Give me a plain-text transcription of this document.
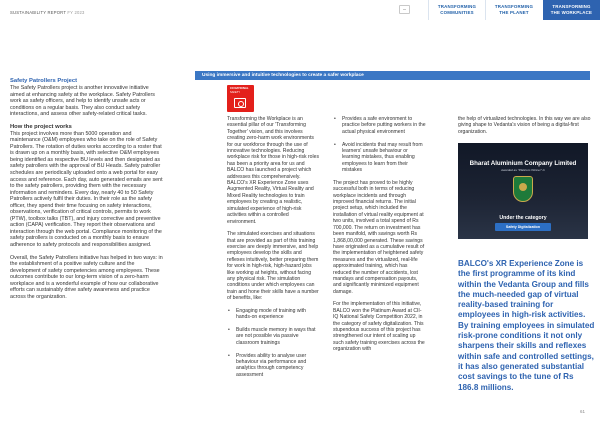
SUSTAINABILITY REPORT FY 2023
TRANSFORMING
COMMUNITIES
TRANSFORMING
THE PLANET
TRANSFORMING
THE WORKPLACE
Safety Patrollers Project

The Safety Patrollers project is another innovative initiative aimed at enhancing safety at the workplace. Safety Patrollers work as safety officers, and help to identify unsafe acts or conditions on a regular basis. They also conduct safety interactions, and assess other safety-related critical tasks.

How the project works

This project involves more than 5000 operation and maintenance (O&M) employees who take on the role of Safety Patrollers. The rotation of duties works according to a roster that is drawn up on a monthly basis, with selective O&M employees being identified as respective BU levels and then designated as safety patrollers with the approval of BU Heads. Safety patroller schedules are periodically uploaded onto a web portal for easy access and reference. Each day, auto generated emails are sent to the safety patrollers, providing them with the necessary information and reminders. Every day, nearly 40 to 50 Safety Patrollers actively fulfil their duties. In their role as the safety officer, they spend their time focusing on safety interactions, observations, verification of critical controls, permits to work (PTW), toolbox talks (TBT), and injury corrective and preventive action (CAPA) verification. They report their observations and interaction through the web portal. Compliance monitoring of the safety patrollers is conducted on a monthly basis to ensure adherence to safety protocols and responsibilities assigned.

Overall, the Safety Patrollers initiative has helped in two ways: in the establishment of a positive safety culture and the development of safety competencies among employees. These outcomes contribute to our long-term vision of a zero-harm workplace and is a wonderful example of how our collaborative efforts can sustainably drive safety awareness and practice across the organization.

Using immersive and intuitive technologies to create a safer workplace
CII NATIONAL
SAFETY

Transforming the Workplace is an essential pillar of our 'Transforming Together' vision, and this involves creating zero-harm work environments for our workforce through the use of innovative technologies. Reducing workplace risk for those in high-risk roles has been a priority area for us and BALCO has launched a project which addresses this comprehensively. BALCO's XR Experience Zone uses Augmented Reality, Virtual Reality and Mixed Reality technologies to train employees by creating a realistic, simulated experience of high-risk activities within a controlled environment.

The simulated exercises and situations that are provided as part of this training exercise are deeply immersive, and help employees develop the skills and reflexes intuitively, better preparing them for work in high-risk, high-hazard jobs like working at heights, without facing any physical risk. The simulation conditions under which employees can train and hone their skills have a number of benefits, like:

• Engaging mode of training with hands-on experience
• Builds muscle memory in ways that are not possible via passive classroom trainings
• Provides ability to analyse user behaviour via performance and analytics through competency assessment
• Provides a safe environment to practice before putting workers in the actual physical environment
• Avoid incidents that may result from learners' unsafe behaviour or learning mistakes, thus enabling employees to learn from their mistakes

The project has proved to be highly successful both in terms of reducing workplace incidents and through improved financial returns. The initial project setup, which included the installation of virtual reality equipment at two units, involved a total spend of Rs 700,000. The return on investment has been manifold, with savings worth Rs 1,868,00,000 generated. These savings have originated as a cumulative result of the implementation of heightened safety measures and the virtualized, real-life approximated training, which has reduced the number of accidents, lost mandays and compensation payouts, and significantly minimized equipment damage.

For the implementation of this initiative, BALCO won the Platinum Award at CII-IQ National Safety Competition 2022, in the category of safety digitalization. This stupendous success of this project has strengthened our intent of scaling up such safety training exercises across the organization with

the help of virtualized technologies. In this way we are also giving shape to Vedanta's vision of being a digital-first organization.
Bharat Aluminium Company Limited
Awarded as "Platinum Winner" in
Under the category
Safety Digitalization
BALCO's XR Experience Zone is the first programme of its kind within the Vedanta Group and fills the much-needed gap of virtual reality-based training for employees in high-risk activities. By training employees in simulated risk-prone conditions it not only sharpens their skills and reflexes within safe and controlled settings, it has also generated substantial cost savings to the tune of Rs 186.8 millions.
61
